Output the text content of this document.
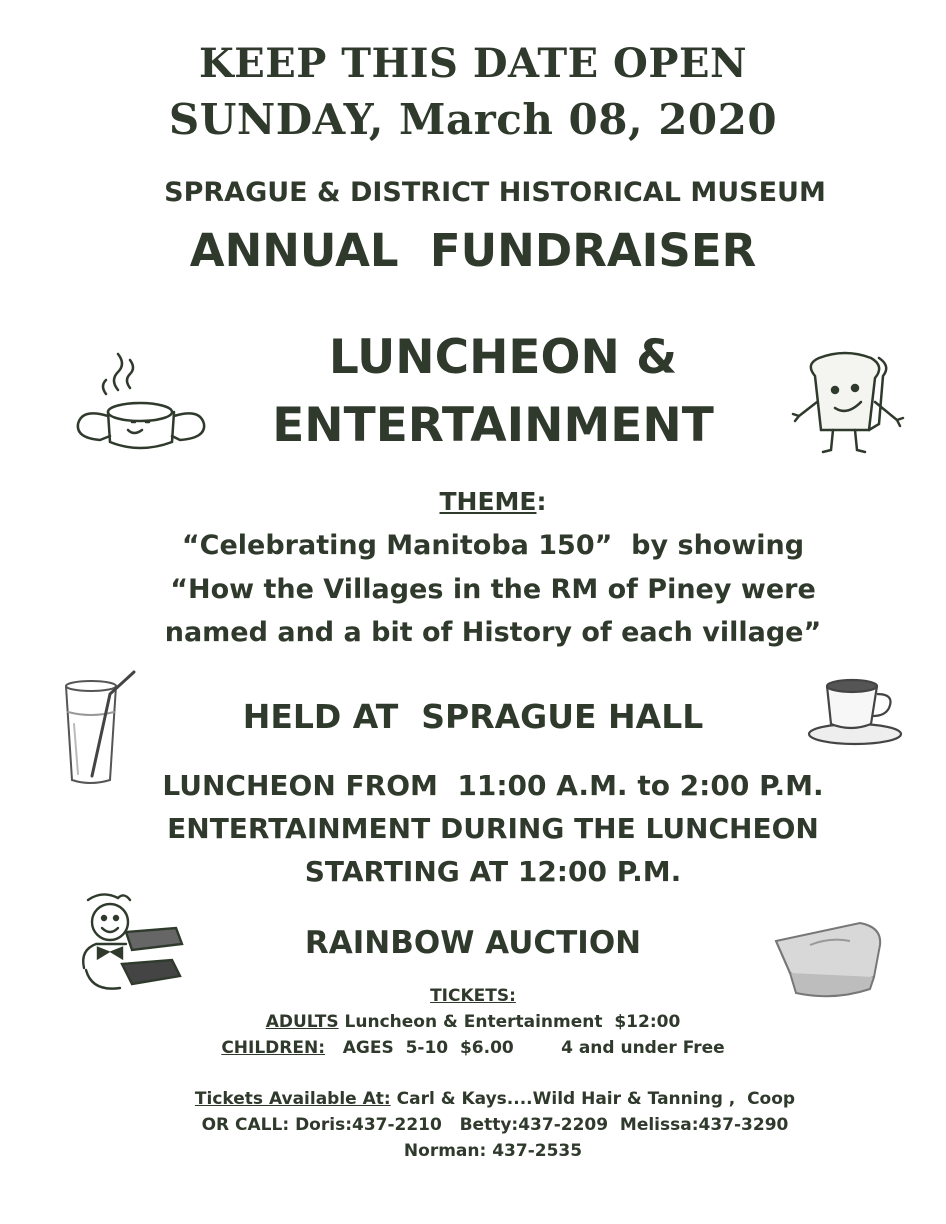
KEEP THIS DATE OPEN
SUNDAY, March 08, 2020
SPRAGUE & DISTRICT HISTORICAL MUSEUM
ANNUAL  FUNDRAISER
LUNCHEON &
ENTERTAINMENT
THEME:
“Celebrating Manitoba 150”  by showing
“How the Villages in the RM of Piney were
named and a bit of History of each village”
HELD AT  SPRAGUE HALL
LUNCHEON FROM  11:00 A.M. to 2:00 P.M.
ENTERTAINMENT DURING THE LUNCHEON
STARTING AT 12:00 P.M.
RAINBOW AUCTION
TICKETS:
ADULTS Luncheon & Entertainment  $12:00
CHILDREN:   AGES  5-10  $6.00        4 and under Free
Tickets Available At: Carl & Kays....Wild Hair & Tanning ,  Coop
OR CALL: Doris:437-2210   Betty:437-2209  Melissa:437-3290
Norman: 437-2535
